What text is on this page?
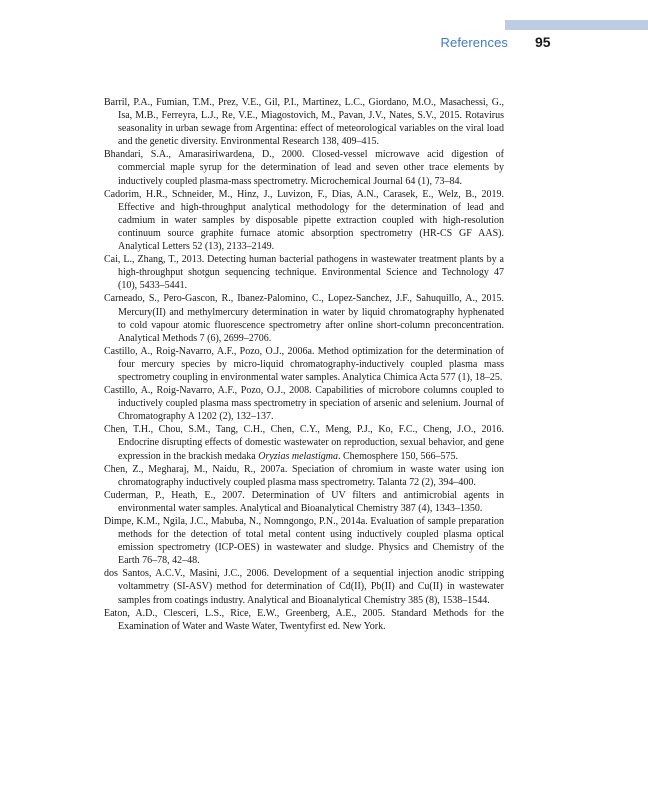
References 95

Barril, P.A., Fumian, T.M., Prez, V.E., Gil, P.I., Martinez, L.C., Giordano, M.O., Masachessi, G., Isa, M.B., Ferreyra, L.J., Re, V.E., Miagostovich, M., Pavan, J.V., Nates, S.V., 2015. Rotavirus seasonality in urban sewage from Argentina: effect of meteorological variables on the viral load and the genetic diversity. Environmental Research 138, 409–415.

Bhandari, S.A., Amarasiriwardena, D., 2000. Closed-vessel microwave acid digestion of commercial maple syrup for the determination of lead and seven other trace elements by inductively coupled plasma-mass spectrometry. Microchemical Journal 64 (1), 73–84.

Cadorim, H.R., Schneider, M., Hinz, J., Luvizon, F., Dias, A.N., Carasek, E., Welz, B., 2019. Effective and high-throughput analytical methodology for the determination of lead and cadmium in water samples by disposable pipette extraction coupled with high-resolution continuum source graphite furnace atomic absorption spectrometry (HR-CS GF AAS). Analytical Letters 52 (13), 2133–2149.

Cai, L., Zhang, T., 2013. Detecting human bacterial pathogens in wastewater treatment plants by a high-throughput shotgun sequencing technique. Environmental Science and Technology 47 (10), 5433–5441.

Carneado, S., Pero-Gascon, R., Ibanez-Palomino, C., Lopez-Sanchez, J.F., Sahuquillo, A., 2015. Mercury(II) and methylmercury determination in water by liquid chromatography hyphenated to cold vapour atomic fluorescence spectrometry after online short-column preconcentration. Analytical Methods 7 (6), 2699–2706.

Castillo, A., Roig-Navarro, A.F., Pozo, O.J., 2006a. Method optimization for the determination of four mercury species by micro-liquid chromatography-inductively coupled plasma mass spectrometry coupling in environmental water samples. Analytica Chimica Acta 577 (1), 18–25.

Castillo, A., Roig-Navarro, A.F., Pozo, O.J., 2008. Capabilities of microbore columns coupled to inductively coupled plasma mass spectrometry in speciation of arsenic and selenium. Journal of Chromatography A 1202 (2), 132–137.

Chen, T.H., Chou, S.M., Tang, C.H., Chen, C.Y., Meng, P.J., Ko, F.C., Cheng, J.O., 2016. Endocrine disrupting effects of domestic wastewater on reproduction, sexual behavior, and gene expression in the brackish medaka Oryzias melastigma. Chemosphere 150, 566–575.

Chen, Z., Megharaj, M., Naidu, R., 2007a. Speciation of chromium in waste water using ion chromatography inductively coupled plasma mass spectrometry. Talanta 72 (2), 394–400.

Cuderman, P., Heath, E., 2007. Determination of UV filters and antimicrobial agents in environmental water samples. Analytical and Bioanalytical Chemistry 387 (4), 1343–1350.

Dimpe, K.M., Ngila, J.C., Mabuba, N., Nomngongo, P.N., 2014a. Evaluation of sample preparation methods for the detection of total metal content using inductively coupled plasma optical emission spectrometry (ICP-OES) in wastewater and sludge. Physics and Chemistry of the Earth 76–78, 42–48.

dos Santos, A.C.V., Masini, J.C., 2006. Development of a sequential injection anodic stripping voltammetry (SI-ASV) method for determination of Cd(II), Pb(II) and Cu(II) in wastewater samples from coatings industry. Analytical and Bioanalytical Chemistry 385 (8), 1538–1544.

Eaton, A.D., Clesceri, L.S., Rice, E.W., Greenberg, A.E., 2005. Standard Methods for the Examination of Water and Waste Water, Twentyfirst ed. New York.
